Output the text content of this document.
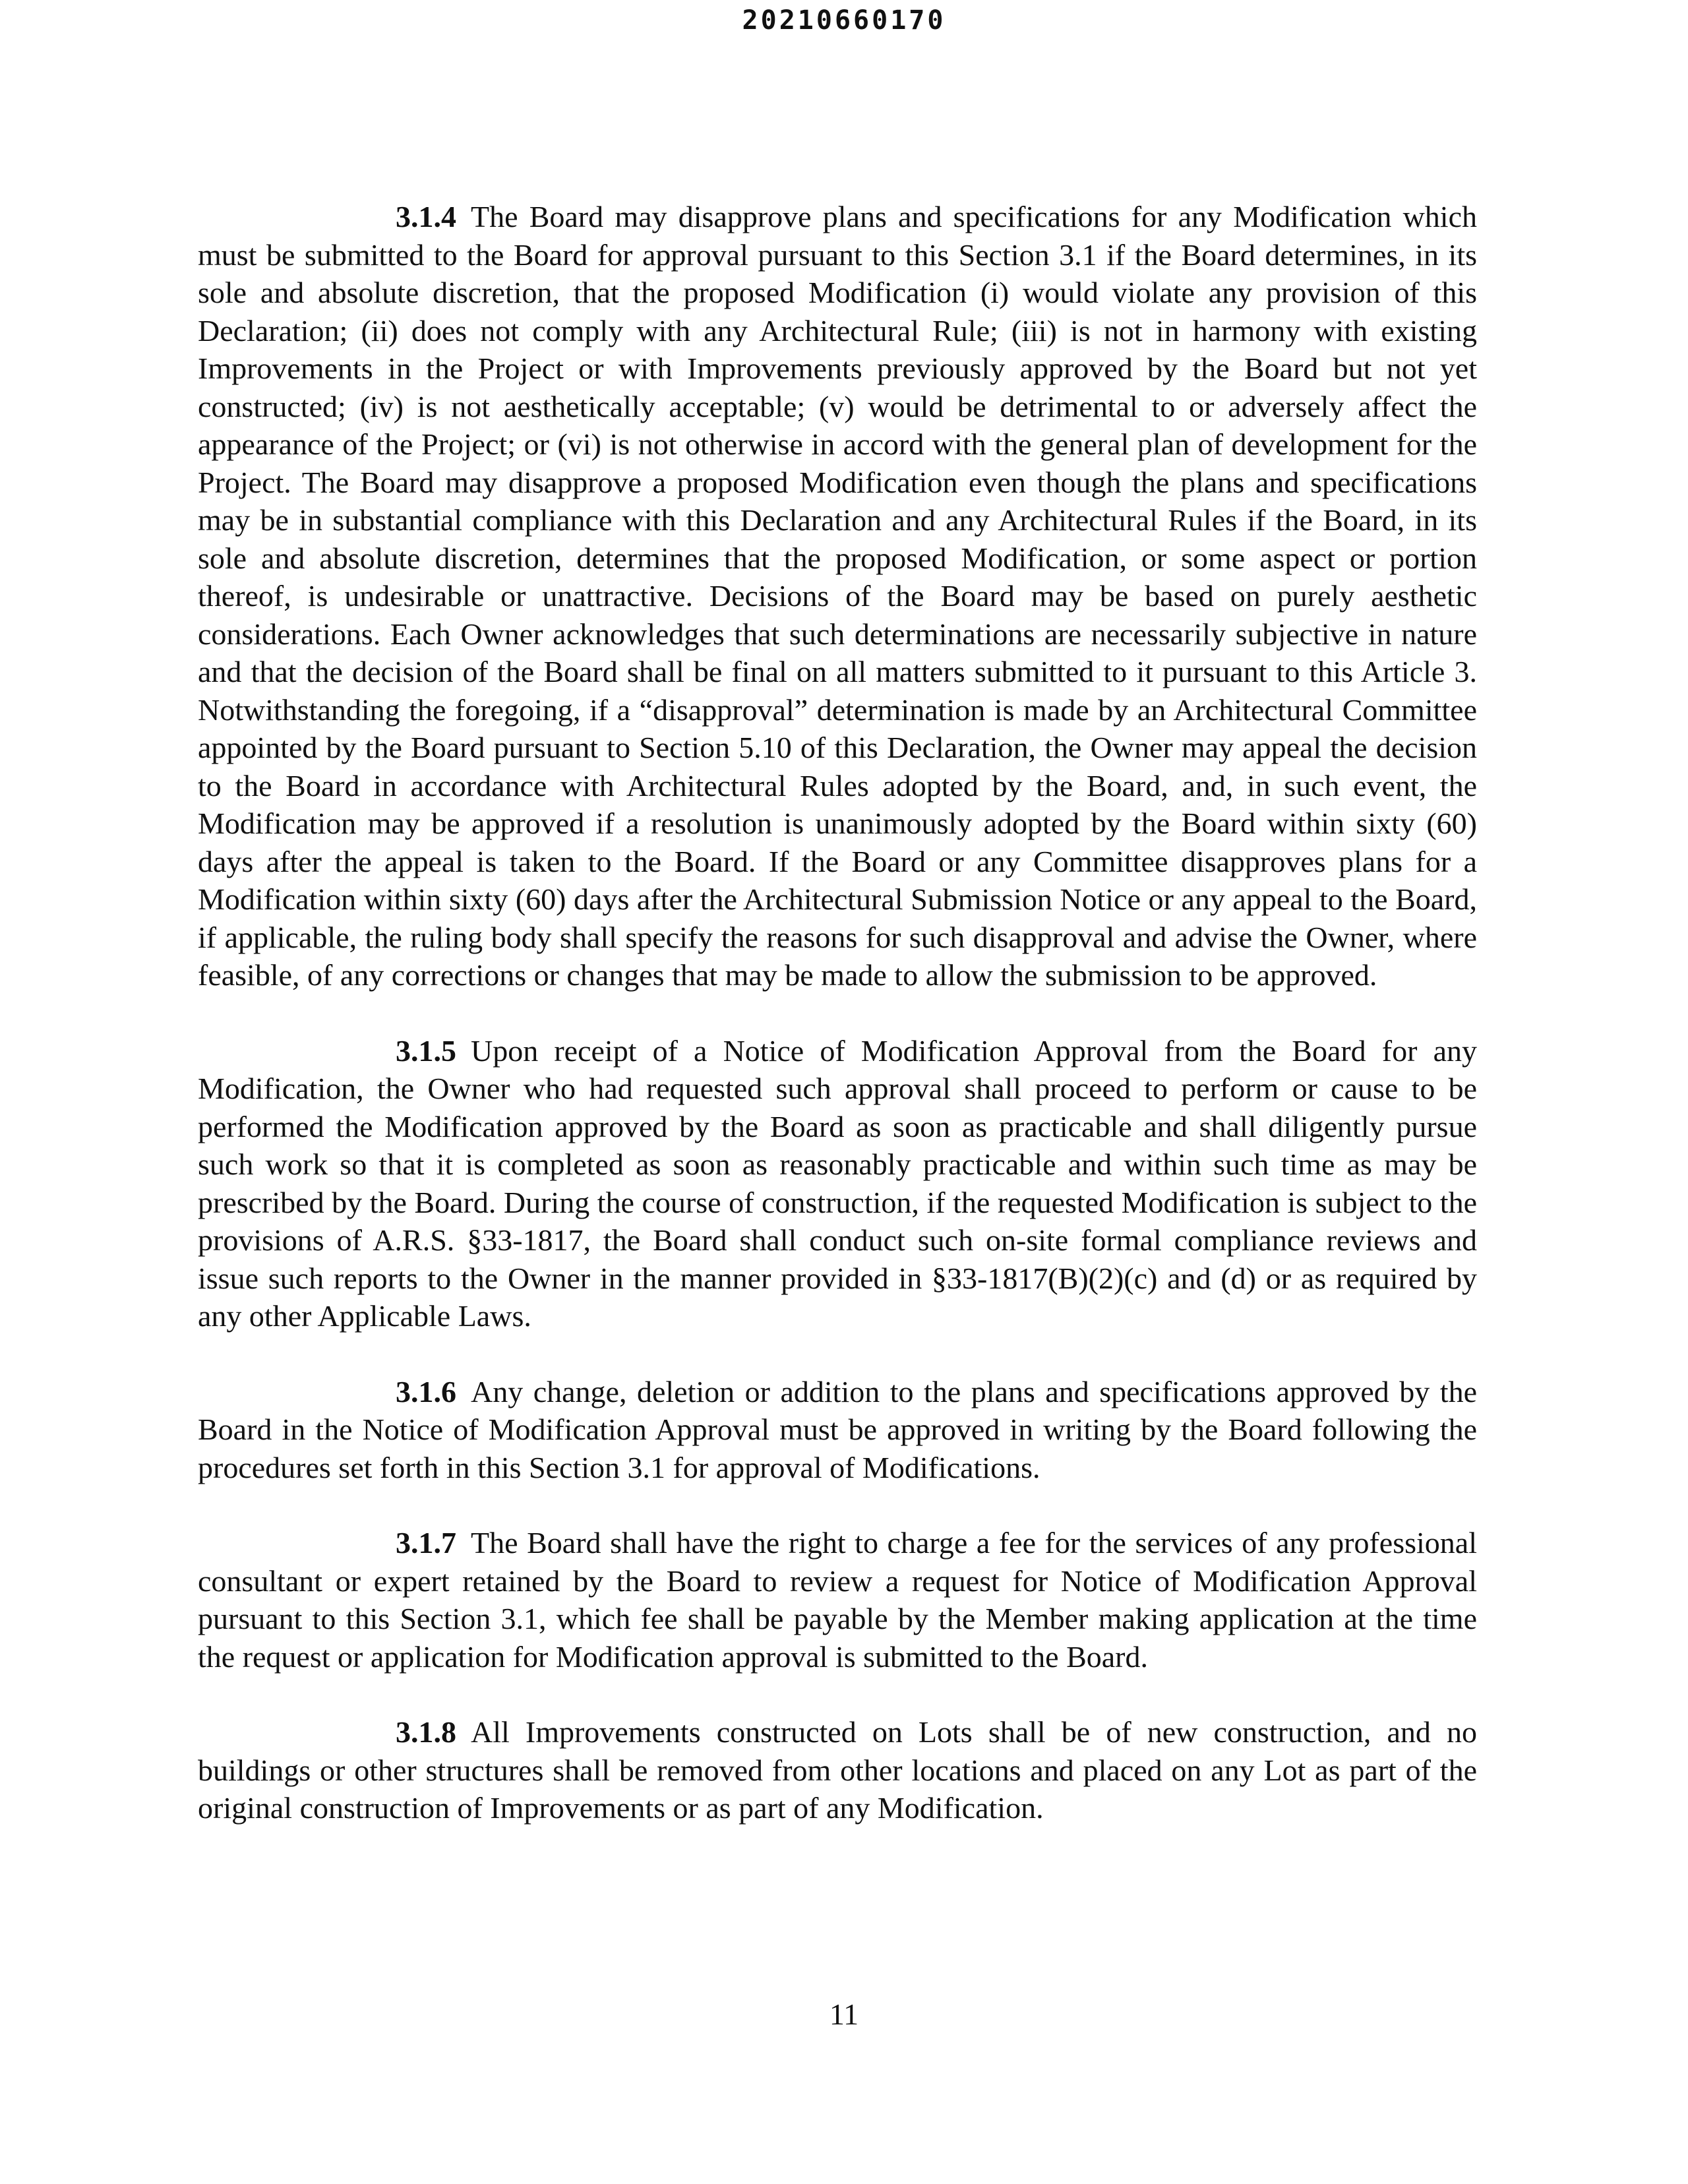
20210660170

3.1.4 The Board may disapprove plans and specifications for any Modification which must be submitted to the Board for approval pursuant to this Section 3.1 if the Board determines, in its sole and absolute discretion, that the proposed Modification (i) would violate any provision of this Declaration; (ii) does not comply with any Architectural Rule; (iii) is not in harmony with existing Improvements in the Project or with Improvements previously approved by the Board but not yet constructed; (iv) is not aesthetically acceptable; (v) would be detrimental to or adversely affect the appearance of the Project; or (vi) is not otherwise in accord with the general plan of development for the Project. The Board may disapprove a proposed Modification even though the plans and specifications may be in substantial compliance with this Declaration and any Architectural Rules if the Board, in its sole and absolute discretion, determines that the proposed Modification, or some aspect or portion thereof, is undesirable or unattractive. Decisions of the Board may be based on purely aesthetic considerations. Each Owner acknowledges that such determinations are necessarily subjective in nature and that the decision of the Board shall be final on all matters submitted to it pursuant to this Article 3. Notwithstanding the foregoing, if a “disapproval” determination is made by an Architectural Committee appointed by the Board pursuant to Section 5.10 of this Declaration, the Owner may appeal the decision to the Board in accordance with Architectural Rules adopted by the Board, and, in such event, the Modification may be approved if a resolution is unanimously adopted by the Board within sixty (60) days after the appeal is taken to the Board. If the Board or any Committee disapproves plans for a Modification within sixty (60) days after the Architectural Submission Notice or any appeal to the Board, if applicable, the ruling body shall specify the reasons for such disapproval and advise the Owner, where feasible, of any corrections or changes that may be made to allow the submission to be approved.

3.1.5 Upon receipt of a Notice of Modification Approval from the Board for any Modification, the Owner who had requested such approval shall proceed to perform or cause to be performed the Modification approved by the Board as soon as practicable and shall diligently pursue such work so that it is completed as soon as reasonably practicable and within such time as may be prescribed by the Board. During the course of construction, if the requested Modification is subject to the provisions of A.R.S. §33-1817, the Board shall conduct such on-site formal compliance reviews and issue such reports to the Owner in the manner provided in §33-1817(B)(2)(c) and (d) or as required by any other Applicable Laws.

3.1.6 Any change, deletion or addition to the plans and specifications approved by the Board in the Notice of Modification Approval must be approved in writing by the Board following the procedures set forth in this Section 3.1 for approval of Modifications.

3.1.7 The Board shall have the right to charge a fee for the services of any professional consultant or expert retained by the Board to review a request for Notice of Modification Approval pursuant to this Section 3.1, which fee shall be payable by the Member making application at the time the request or application for Modification approval is submitted to the Board.

3.1.8 All Improvements constructed on Lots shall be of new construction, and no buildings or other structures shall be removed from other locations and placed on any Lot as part of the original construction of Improvements or as part of any Modification.

11
